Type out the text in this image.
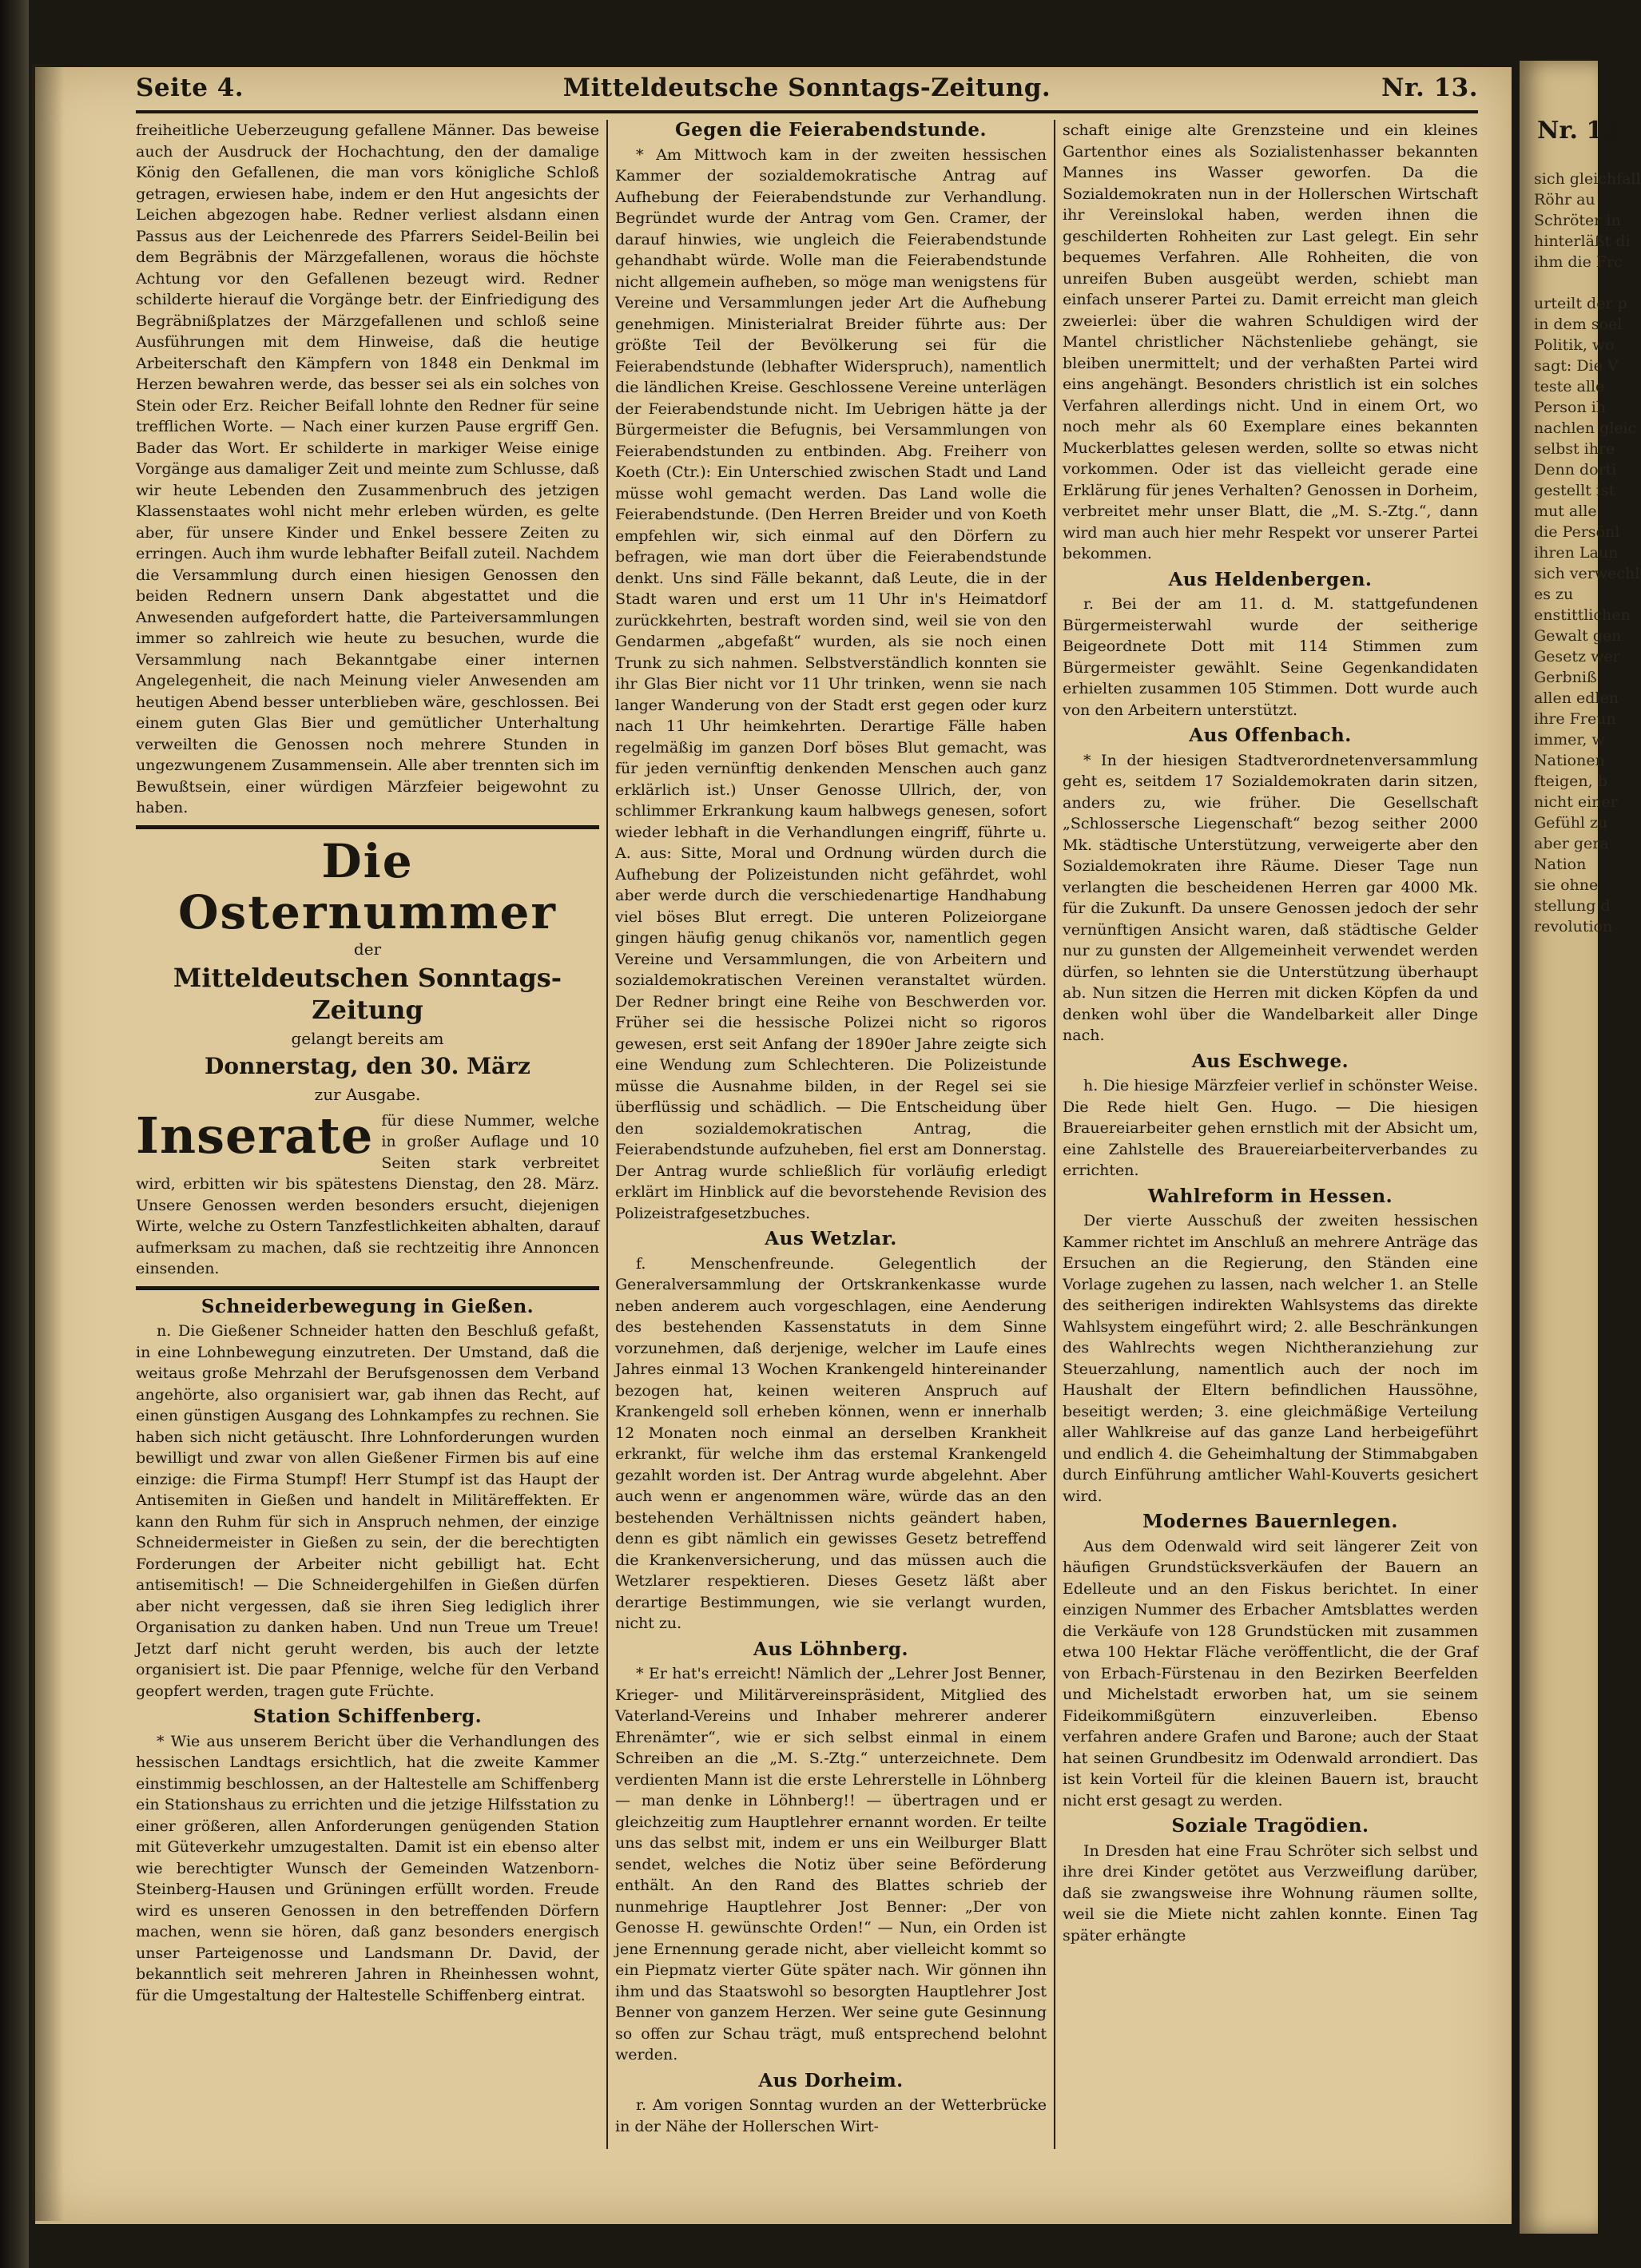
Nr. 13.
sich gleichfall
Röhr au
Schröter in
hinterläßt di
ihm die Frc

urteilt der p
in dem soel
Politik, wo
sagt: Die V
teste alle
Person ih
nachlen gleic
selbst ihre
Denn dorti
gestellt ist
mut alle
die Persönl
ihren Laun
sich verwechl
es zu
enstittlichen
Gewalt gen
Gesetz wer
Gerbniß
allen edlen
ihre Freun
immer, w
Nationen
fteigen, b
nicht einer
Gefühl zu
aber gera
Nation
sie ohne
stellung d
revolution
Seite 4.	Mitteldeutsche Sonntags-Zeitung.	Nr. 13.

freiheitliche Ueberzeugung gefallene Männer. Das beweise auch der Ausdruck der Hochachtung, den der damalige König den Gefallenen, die man vors königliche Schloß getragen, erwiesen habe, indem er den Hut angesichts der Leichen abgezogen habe. Redner verliest alsdann einen Passus aus der Leichenrede des Pfarrers Seidel-Beilin bei dem Begräbnis der Märzgefallenen, woraus die höchste Achtung vor den Gefallenen bezeugt wird. Redner schilderte hierauf die Vorgänge betr. der Einfriedigung des Begräbnißplatzes der Märzgefallenen und schloß seine Ausführungen mit dem Hinweise, daß die heutige Arbeiterschaft den Kämpfern von 1848 ein Denkmal im Herzen bewahren werde, das besser sei als ein solches von Stein oder Erz. Reicher Beifall lohnte den Redner für seine trefflichen Worte. — Nach einer kurzen Pause ergriff Gen. Bader das Wort. Er schilderte in markiger Weise einige Vorgänge aus damaliger Zeit und meinte zum Schlusse, daß wir heute Lebenden den Zusammenbruch des jetzigen Klassenstaates wohl nicht mehr erleben würden, es gelte aber, für unsere Kinder und Enkel bessere Zeiten zu erringen. Auch ihm wurde lebhafter Beifall zuteil. Nachdem die Versammlung durch einen hiesigen Genossen den beiden Rednern unsern Dank abgestattet und die Anwesenden aufgefordert hatte, die Parteiversammlungen immer so zahlreich wie heute zu besuchen, wurde die Versammlung nach Bekanntgabe einer internen Angelegenheit, die nach Meinung vieler Anwesenden am heutigen Abend besser unterblieben wäre, geschlossen. Bei einem guten Glas Bier und gemütlicher Unterhaltung verweilten die Genossen noch mehrere Stunden in ungezwungenem Zusammensein. Alle aber trennten sich im Bewußtsein, einer würdigen Märzfeier beigewohnt zu haben.

Die Osternummer
der
Mitteldeutschen Sonntags-Zeitung
gelangt bereits am
Donnerstag, den 30. März
zur Ausgabe.
Inserate für diese Nummer, welche in großer Auflage und 10 Seiten stark verbreitet wird, erbitten wir bis spätestens Dienstag, den 28. März. Unsere Genossen werden besonders ersucht, diejenigen Wirte, welche zu Ostern Tanzfestlichkeiten abhalten, darauf aufmerksam zu machen, daß sie rechtzeitig ihre Annoncen einsenden.

Schneiderbewegung in Gießen.

n. Die Gießener Schneider hatten den Beschluß gefaßt, in eine Lohnbewegung einzutreten. Der Umstand, daß die weitaus große Mehrzahl der Berufsgenossen dem Verband angehörte, also organisiert war, gab ihnen das Recht, auf einen günstigen Ausgang des Lohnkampfes zu rechnen. Sie haben sich nicht getäuscht. Ihre Lohnforderungen wurden bewilligt und zwar von allen Gießener Firmen bis auf eine einzige: die Firma Stumpf! Herr Stumpf ist das Haupt der Antisemiten in Gießen und handelt in Militäreffekten. Er kann den Ruhm für sich in Anspruch nehmen, der einzige Schneidermeister in Gießen zu sein, der die berechtigten Forderungen der Arbeiter nicht gebilligt hat. Echt antisemitisch! — Die Schneidergehilfen in Gießen dürfen aber nicht vergessen, daß sie ihren Sieg lediglich ihrer Organisation zu danken haben. Und nun Treue um Treue! Jetzt darf nicht geruht werden, bis auch der letzte organisiert ist. Die paar Pfennige, welche für den Verband geopfert werden, tragen gute Früchte.

Station Schiffenberg.

* Wie aus unserem Bericht über die Verhandlungen des hessischen Landtags ersichtlich, hat die zweite Kammer einstimmig beschlossen, an der Haltestelle am Schiffenberg ein Stationshaus zu errichten und die jetzige Hilfsstation zu einer größeren, allen Anforderungen genügenden Station mit Güteverkehr umzugestalten. Damit ist ein ebenso alter wie berechtigter Wunsch der Gemeinden Watzenborn-Steinberg-Hausen und Grüningen erfüllt worden. Freude wird es unseren Genossen in den betreffenden Dörfern machen, wenn sie hören, daß ganz besonders energisch unser Parteigenosse und Landsmann Dr. David, der bekanntlich seit mehreren Jahren in Rheinhessen wohnt, für die Umgestaltung der Haltestelle Schiffenberg eintrat.

Gegen die Feierabendstunde.

* Am Mittwoch kam in der zweiten hessischen Kammer der sozialdemokratische Antrag auf Aufhebung der Feierabendstunde zur Verhandlung. Begründet wurde der Antrag vom Gen. Cramer, der darauf hinwies, wie ungleich die Feierabendstunde gehandhabt würde. Wolle man die Feierabendstunde nicht allgemein aufheben, so möge man wenigstens für Vereine und Versammlungen jeder Art die Aufhebung genehmigen. Ministerialrat Breider führte aus: Der größte Teil der Bevölkerung sei für die Feierabendstunde (lebhafter Widerspruch), namentlich die ländlichen Kreise. Geschlossene Vereine unterlägen der Feierabendstunde nicht. Im Uebrigen hätte ja der Bürgermeister die Befugnis, bei Versammlungen von Feierabendstunden zu entbinden. Abg. Freiherr von Koeth (Ctr.): Ein Unterschied zwischen Stadt und Land müsse wohl gemacht werden. Das Land wolle die Feierabendstunde. (Den Herren Breider und von Koeth empfehlen wir, sich einmal auf den Dörfern zu befragen, wie man dort über die Feierabendstunde denkt. Uns sind Fälle bekannt, daß Leute, die in der Stadt waren und erst um 11 Uhr in's Heimatdorf zurückkehrten, bestraft worden sind, weil sie von den Gendarmen „abgefaßt“ wurden, als sie noch einen Trunk zu sich nahmen. Selbstverständlich konnten sie ihr Glas Bier nicht vor 11 Uhr trinken, wenn sie nach langer Wanderung von der Stadt erst gegen oder kurz nach 11 Uhr heimkehrten. Derartige Fälle haben regelmäßig im ganzen Dorf böses Blut gemacht, was für jeden vernünftig denkenden Menschen auch ganz erklärlich ist.) Unser Genosse Ullrich, der, von schlimmer Erkrankung kaum halbwegs genesen, sofort wieder lebhaft in die Verhandlungen eingriff, führte u. A. aus: Sitte, Moral und Ordnung würden durch die Aufhebung der Polizeistunden nicht gefährdet, wohl aber werde durch die verschiedenartige Handhabung viel böses Blut erregt. Die unteren Polizeiorgane gingen häufig genug chikanös vor, namentlich gegen Vereine und Versammlungen, die von Arbeitern und sozialdemokratischen Vereinen veranstaltet würden. Der Redner bringt eine Reihe von Beschwerden vor. Früher sei die hessische Polizei nicht so rigoros gewesen, erst seit Anfang der 1890er Jahre zeigte sich eine Wendung zum Schlechteren. Die Polizeistunde müsse die Ausnahme bilden, in der Regel sei sie überflüssig und schädlich. — Die Entscheidung über den sozialdemokratischen Antrag, die Feierabendstunde aufzuheben, fiel erst am Donnerstag. Der Antrag wurde schließlich für vorläufig erledigt erklärt im Hinblick auf die bevorstehende Revision des Polizeistrafgesetzbuches.

Aus Wetzlar.

f. Menschenfreunde. Gelegentlich der Generalversammlung der Ortskrankenkasse wurde neben anderem auch vorgeschlagen, eine Aenderung des bestehenden Kassenstatuts in dem Sinne vorzunehmen, daß derjenige, welcher im Laufe eines Jahres einmal 13 Wochen Krankengeld hintereinander bezogen hat, keinen weiteren Anspruch auf Krankengeld soll erheben können, wenn er innerhalb 12 Monaten noch einmal an derselben Krankheit erkrankt, für welche ihm das erstemal Krankengeld gezahlt worden ist. Der Antrag wurde abgelehnt. Aber auch wenn er angenommen wäre, würde das an den bestehenden Verhältnissen nichts geändert haben, denn es gibt nämlich ein gewisses Gesetz betreffend die Krankenversicherung, und das müssen auch die Wetzlarer respektieren. Dieses Gesetz läßt aber derartige Bestimmungen, wie sie verlangt wurden, nicht zu.

Aus Löhnberg.

* Er hat's erreicht! Nämlich der „Lehrer Jost Benner, Krieger- und Militärvereinspräsident, Mitglied des Vaterland-Vereins und Inhaber mehrerer anderer Ehrenämter“, wie er sich selbst einmal in einem Schreiben an die „M. S.-Ztg.“ unterzeichnete. Dem verdienten Mann ist die erste Lehrerstelle in Löhnberg — man denke in Löhnberg!! — übertragen und er gleichzeitig zum Hauptlehrer ernannt worden. Er teilte uns das selbst mit, indem er uns ein Weilburger Blatt sendet, welches die Notiz über seine Beförderung enthält. An den Rand des Blattes schrieb der nunmehrige Hauptlehrer Jost Benner: „Der von Genosse H. gewünschte Orden!“ — Nun, ein Orden ist jene Ernennung gerade nicht, aber vielleicht kommt so ein Piepmatz vierter Güte später nach. Wir gönnen ihn ihm und das Staatswohl so besorgten Hauptlehrer Jost Benner von ganzem Herzen. Wer seine gute Gesinnung so offen zur Schau trägt, muß entsprechend belohnt werden.

Aus Dorheim.

r. Am vorigen Sonntag wurden an der Wetterbrücke in der Nähe der Hollerschen Wirt-

schaft einige alte Grenzsteine und ein kleines Gartenthor eines als Sozialistenhasser bekannten Mannes ins Wasser geworfen. Da die Sozialdemokraten nun in der Hollerschen Wirtschaft ihr Vereinslokal haben, werden ihnen die geschilderten Rohheiten zur Last gelegt. Ein sehr bequemes Verfahren. Alle Rohheiten, die von unreifen Buben ausgeübt werden, schiebt man einfach unserer Partei zu. Damit erreicht man gleich zweierlei: über die wahren Schuldigen wird der Mantel christlicher Nächstenliebe gehängt, sie bleiben unermittelt; und der verhaßten Partei wird eins angehängt. Besonders christlich ist ein solches Verfahren allerdings nicht. Und in einem Ort, wo noch mehr als 60 Exemplare eines bekannten Muckerblattes gelesen werden, sollte so etwas nicht vorkommen. Oder ist das vielleicht gerade eine Erklärung für jenes Verhalten? Genossen in Dorheim, verbreitet mehr unser Blatt, die „M. S.-Ztg.“, dann wird man auch hier mehr Respekt vor unserer Partei bekommen.

Aus Heldenbergen.

r. Bei der am 11. d. M. stattgefundenen Bürgermeisterwahl wurde der seitherige Beigeordnete Dott mit 114 Stimmen zum Bürgermeister gewählt. Seine Gegenkandidaten erhielten zusammen 105 Stimmen. Dott wurde auch von den Arbeitern unterstützt.

Aus Offenbach.

* In der hiesigen Stadtverordnetenversammlung geht es, seitdem 17 Sozialdemokraten darin sitzen, anders zu, wie früher. Die Gesellschaft „Schlossersche Liegenschaft“ bezog seither 2000 Mk. städtische Unterstützung, verweigerte aber den Sozialdemokraten ihre Räume. Dieser Tage nun verlangten die bescheidenen Herren gar 4000 Mk. für die Zukunft. Da unsere Genossen jedoch der sehr vernünftigen Ansicht waren, daß städtische Gelder nur zu gunsten der Allgemeinheit verwendet werden dürfen, so lehnten sie die Unterstützung überhaupt ab. Nun sitzen die Herren mit dicken Köpfen da und denken wohl über die Wandelbarkeit aller Dinge nach.

Aus Eschwege.

h. Die hiesige Märzfeier verlief in schönster Weise. Die Rede hielt Gen. Hugo. — Die hiesigen Brauereiarbeiter gehen ernstlich mit der Absicht um, eine Zahlstelle des Brauereiarbeiterverbandes zu errichten.

Wahlreform in Hessen.

Der vierte Ausschuß der zweiten hessischen Kammer richtet im Anschluß an mehrere Anträge das Ersuchen an die Regierung, den Ständen eine Vorlage zugehen zu lassen, nach welcher 1. an Stelle des seitherigen indirekten Wahlsystems das direkte Wahlsystem eingeführt wird; 2. alle Beschränkungen des Wahlrechts wegen Nichtheranziehung zur Steuerzahlung, namentlich auch der noch im Haushalt der Eltern befindlichen Haussöhne, beseitigt werden; 3. eine gleichmäßige Verteilung aller Wahlkreise auf das ganze Land herbeigeführt und endlich 4. die Geheimhaltung der Stimmabgaben durch Einführung amtlicher Wahl-Kouverts gesichert wird.

Modernes Bauernlegen.

Aus dem Odenwald wird seit längerer Zeit von häufigen Grundstücksverkäufen der Bauern an Edelleute und an den Fiskus berichtet. In einer einzigen Nummer des Erbacher Amtsblattes werden die Verkäufe von 128 Grundstücken mit zusammen etwa 100 Hektar Fläche veröffentlicht, die der Graf von Erbach-Fürstenau in den Bezirken Beerfelden und Michelstadt erworben hat, um sie seinem Fideikommißgütern einzuverleiben. Ebenso verfahren andere Grafen und Barone; auch der Staat hat seinen Grundbesitz im Odenwald arrondiert. Das ist kein Vorteil für die kleinen Bauern ist, braucht nicht erst gesagt zu werden.

Soziale Tragödien.

In Dresden hat eine Frau Schröter sich selbst und ihre drei Kinder getötet aus Verzweiflung darüber, daß sie zwangsweise ihre Wohnung räumen sollte, weil sie die Miete nicht zahlen konnte. Einen Tag später erhängte
